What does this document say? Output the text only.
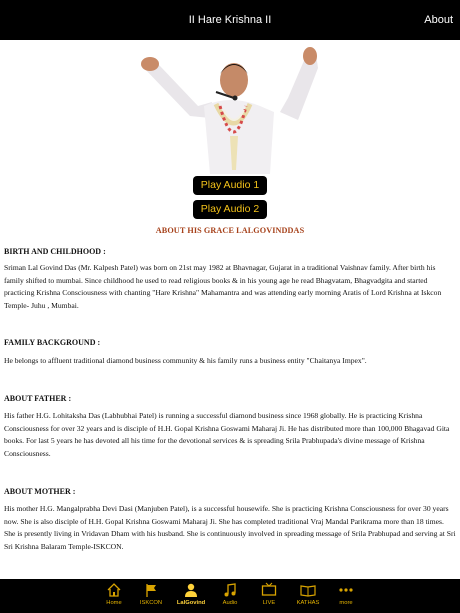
II Hare Krishna II	About
Play Audio 1
Play Audio 2
ABOUT HIS GRACE LALGOVINDDAS
BIRTH AND CHILDHOOD :
Sriman Lal Govind Das (Mr. Kalpesh Patel) was born on 21st may 1982 at Bhavnagar, Gujarat in a traditional Vaishnav family. After birth his family shifted to mumbai. Since childhood he used to read religious books & in his young age he read Bhagvatam, Bhagvadgita and started practicing Krishna Consciousness with chanting "Hare Krishna" Mahamantra and was attending early morning Aratis of Lord Krishna at Iskcon Temple- Juhu , Mumbai.
FAMILY BACKGROUND :
He belongs to affluent traditional diamond business community & his family runs a business entity "Chaitanya Impex".
ABOUT FATHER :
His father H.G. Lohitaksha Das (Labhubhai Patel) is running a successful diamond business since 1968 globally. He is practicing Krishna Consciousness for over 32 years and is disciple of H.H. Gopal Krishna Goswami Maharaj Ji. He has distributed more than 100,000 Bhagavad Gita books. For last 5 years he has devoted all his time for the devotional services & is spreading Srila Prabhupada's divine message of Krishna Consciousness.
ABOUT MOTHER :
His mother H.G. Mangalprabha Devi Dasi (Manjuben Patel), is a successful housewife. She is practicing Krishna Consciousness for over 30 years now. She is also disciple of H.H. Gopal Krishna Goswami Maharaj Ji. She has completed traditional Vraj Mandal Parikrama more than 18 times. She is presently living in Vridavan Dham with his husband. She is continuously involved in spreading message of Srila Prabhupad and serving at Sri Sri Krishna Balaram Temple-ISKCON.
Home	ISKCON	LalGovind	Audio	LIVE	KATHAS	more
